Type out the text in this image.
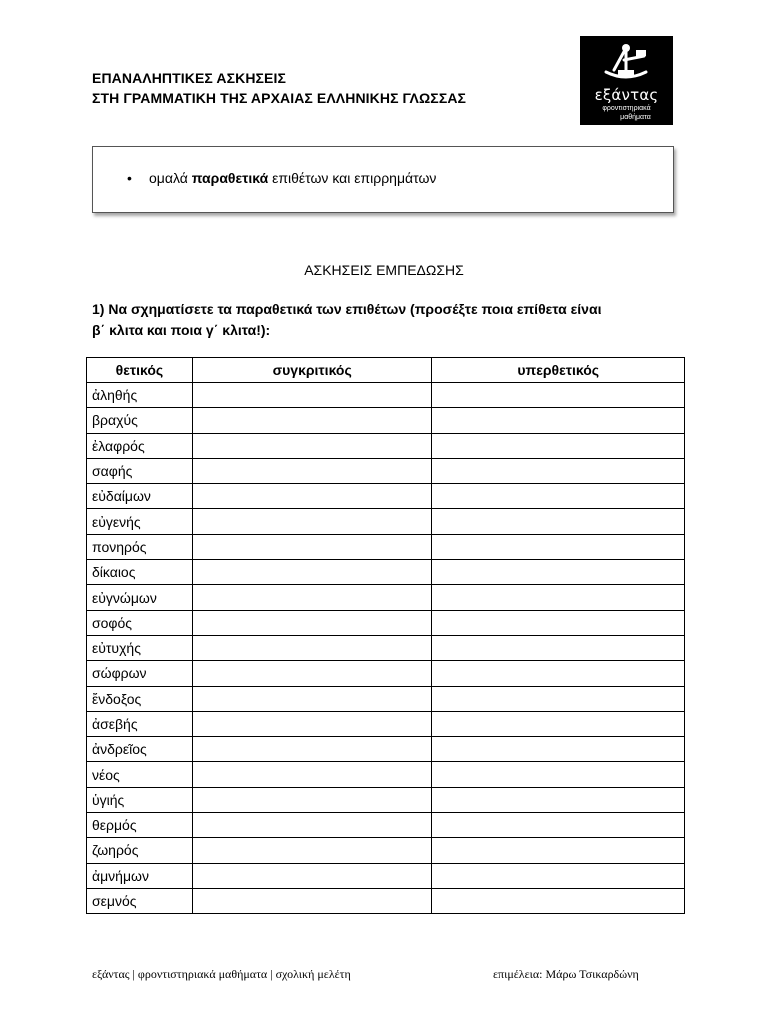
ΕΠΑΝΑΛΗΠΤΙΚΕΣ ΑΣΚΗΣΕΙΣ
ΣΤΗ ΓΡΑΜΜΑΤΙΚΗ ΤΗΣ ΑΡΧΑΙΑΣ ΕΛΛΗΝΙΚΗΣ ΓΛΩΣΣΑΣ	εξάντας
φροντιστηριακά
μαθήματα
• ομαλά παραθετικά επιθέτων και επιρρημάτων
ΑΣΚΗΣΕΙΣ ΕΜΠΕΔΩΣΗΣ
1) Να σχηματίσετε τα παραθετικά των επιθέτων (προσέξτε ποια επίθετα είναι
β΄ κλιτα και ποια γ΄ κλιτα!):
θετικός	συγκριτικός	υπερθετικός
ἀληθής		
βραχύς		
ἐλαφρός		
σαφής		
εὐδαίμων		
εὐγενής		
πονηρός		
δίκαιος		
εὐγνώμων		
σοφός		
εὐτυχής		
σώφρων		
ἔνδοξος		
ἀσεβής		
ἀνδρεῖος		
νέος		
ὑγιής		
θερμός		
ζωηρός		
ἀμνήμων		
σεμνός		
εξάντας | φροντιστηριακά μαθήματα | σχολική μελέτη	επιμέλεια: Μάρω Τσικαρδώνη
